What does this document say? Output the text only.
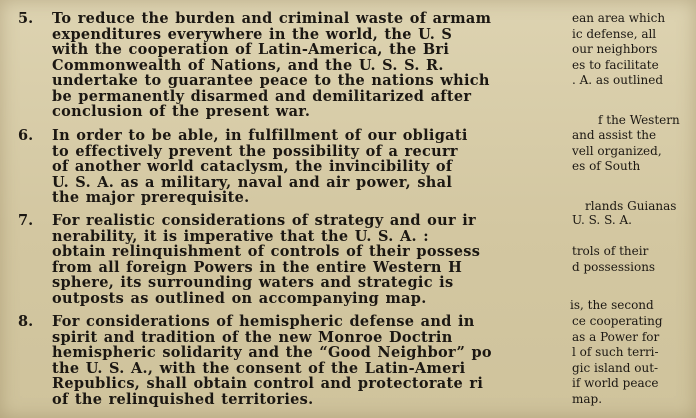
5. To reduce the burden and criminal waste of armam
expenditures everywhere in the world, the U. S
with the cooperation of Latin-America, the Bri
Commonwealth of Nations, and the U. S. S. R.
undertake to guarantee peace to the nations which
be permanently disarmed and demilitarized after
conclusion of the present war.
ean area which
ic defense, all
our neighbors
es to facilitate
. A. as outlined
f the Western
6. In order to be able, in fulfillment of our obligati
to effectively prevent the possibility of a recurr
of another world cataclysm, the invincibility of
U. S. A. as a military, naval and air power, shal
the major prerequisite.
and assist the
vell organized,
es of South
rlands Guianas
7. For realistic considerations of strategy and our ir
nerability, it is imperative that the U. S. A. :
obtain relinquishment of controls of their possess
from all foreign Powers in the entire Western H
sphere, its surrounding waters and strategic is
outposts as outlined on accompanying map.
U. S. S. A.
trols of their
d possessions
is, the second
8. For considerations of hemispheric defense and in
spirit and tradition of the new Monroe Doctrin
hemispheric solidarity and the “Good Neighbor” po
the U. S. A., with the consent of the Latin-Ameri
Republics, shall obtain control and protectorate ri
of the relinquished territories.
ce cooperating
as a Power for
l of such terri-
gic island out-
if world peace
map.
